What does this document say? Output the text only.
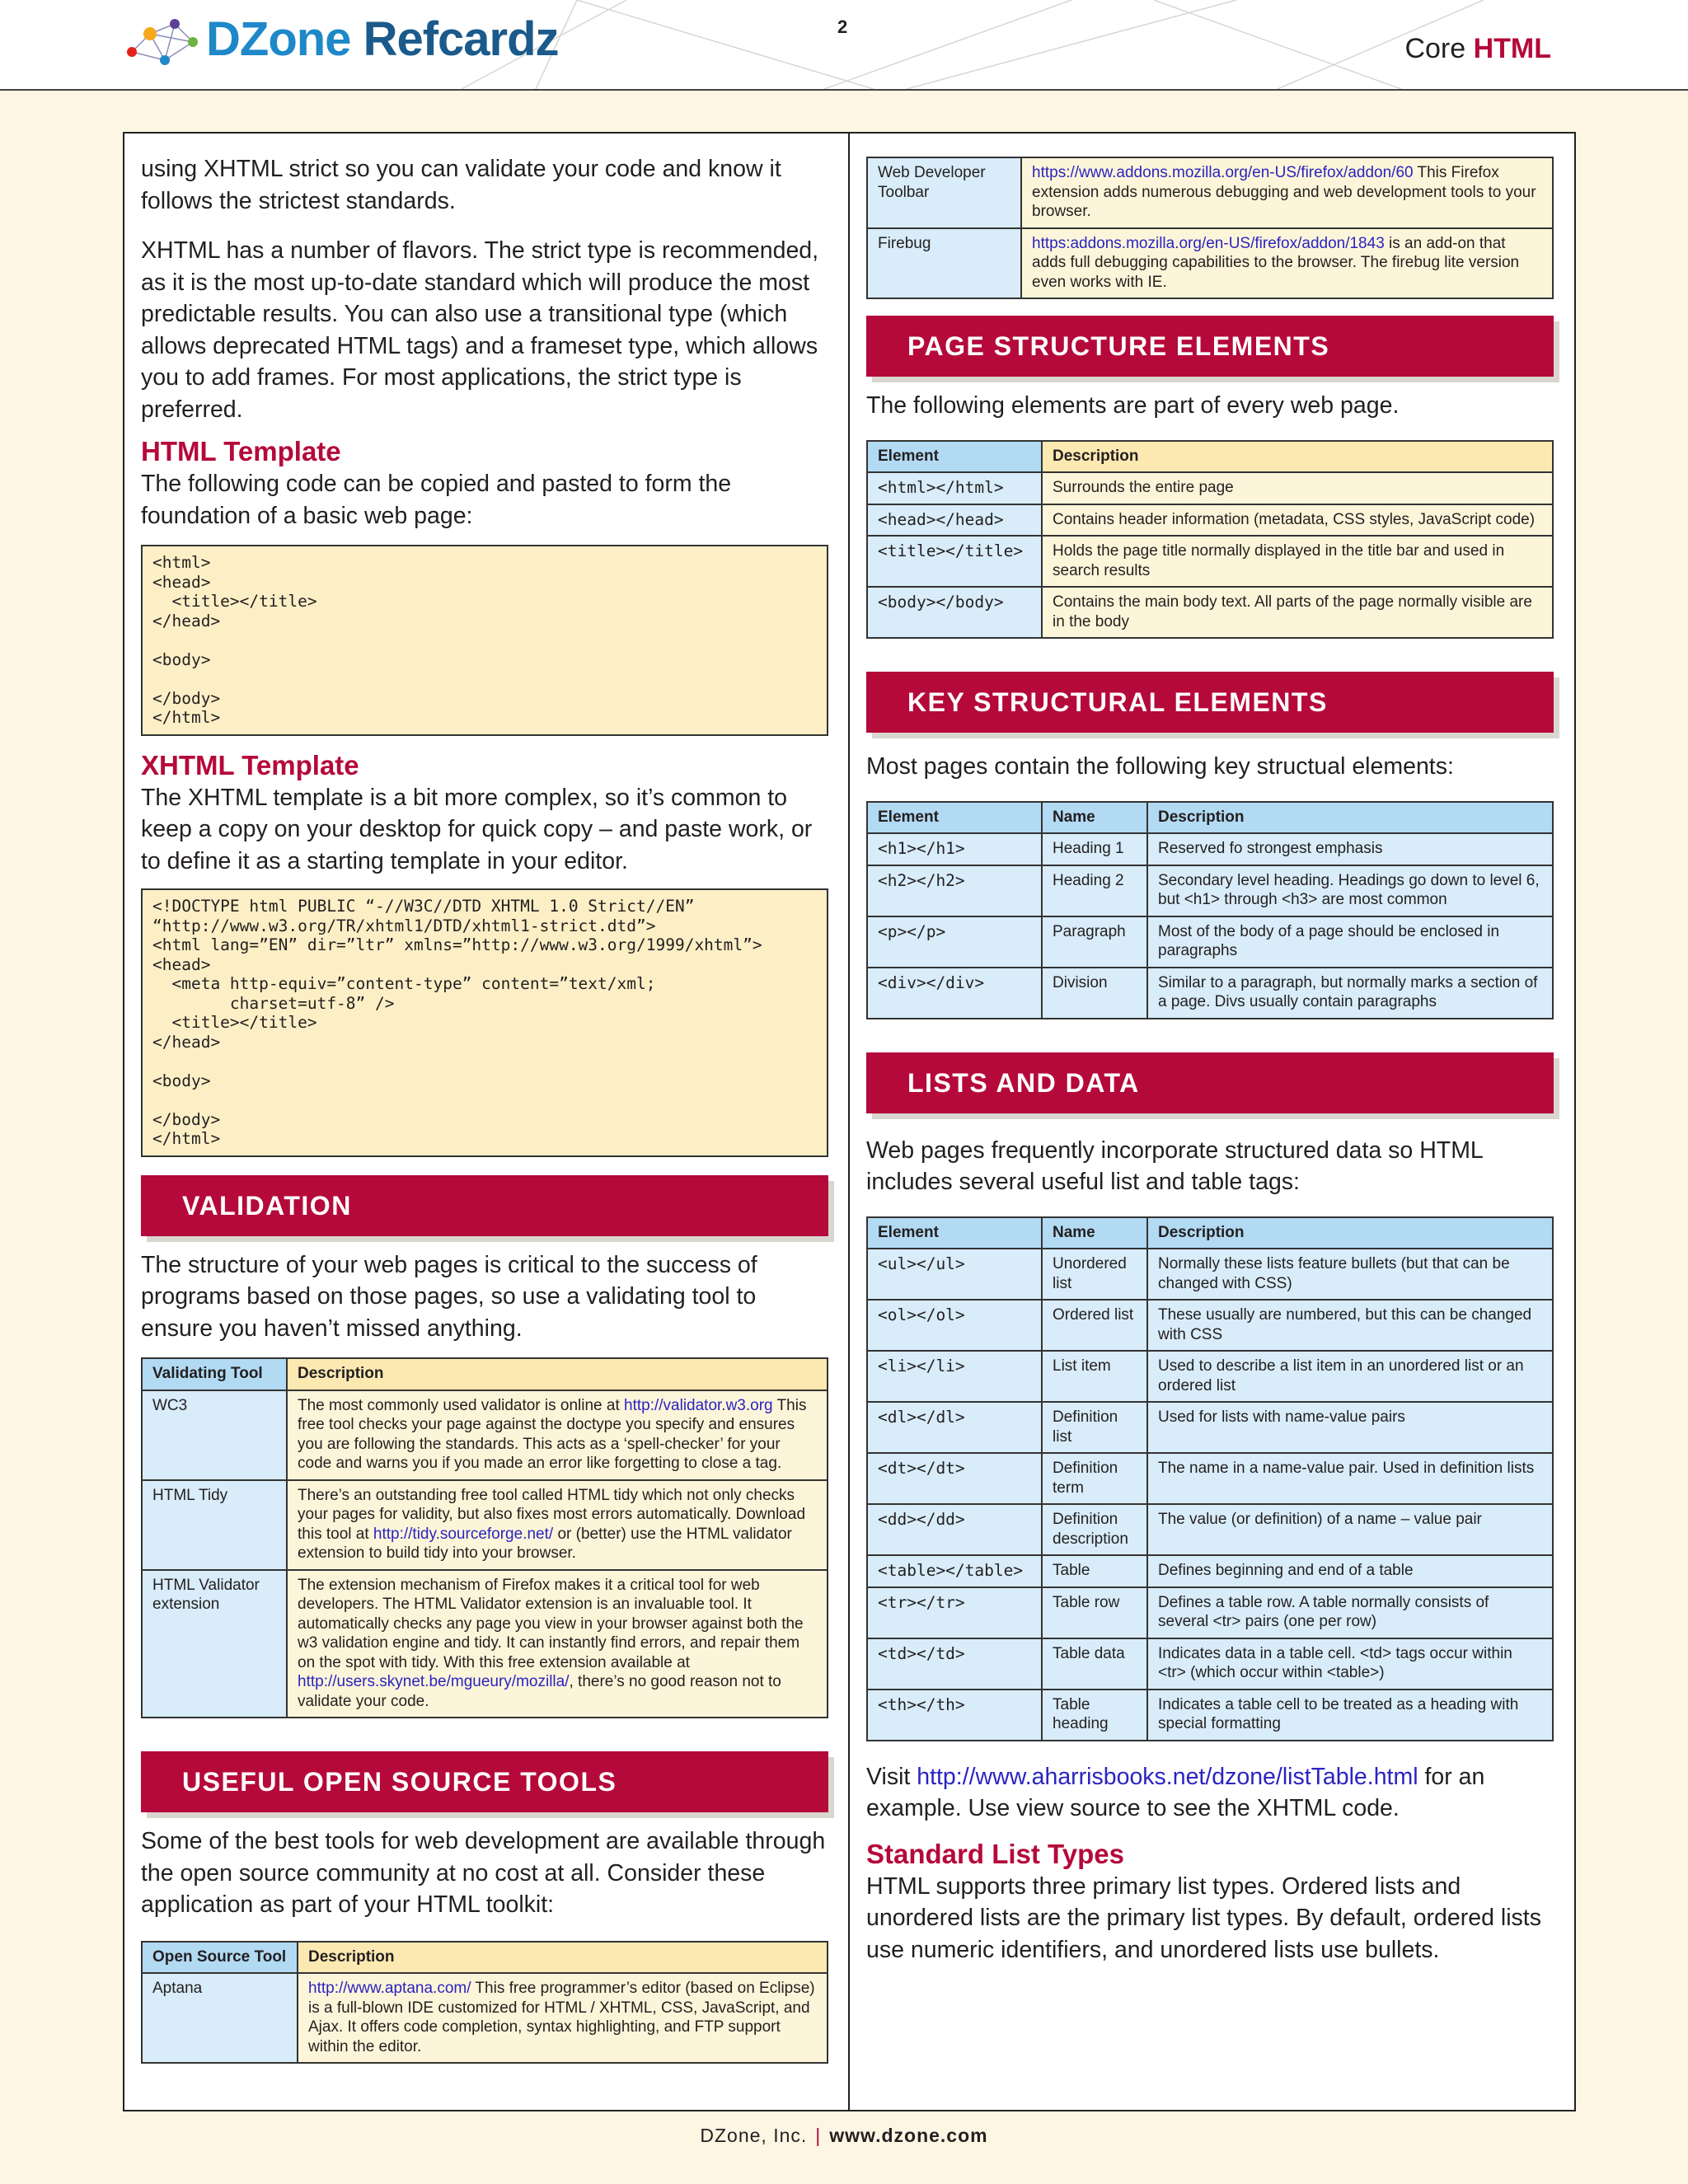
DZone Refcardz	2
Core HTML

using XHTML strict so you can validate your code and know it follows the strictest standards.

XHTML has a number of flavors. The strict type is recommended, as it is the most up-to-date standard which will produce the most predictable results. You can also use a transitional type (which allows deprecated HTML tags) and a frameset type, which allows you to add frames. For most applications, the strict type is preferred.

HTML Template

The following code can be copied and pasted to form the foundation of a basic web page:

<html>
<head>
<title></title>
</head>

<body>

</body>
</html>
XHTML Template

The XHTML template is a bit more complex, so it’s common to keep a copy on your desktop for quick copy – and paste work, or to define it as a starting template in your editor.

<!DOCTYPE html PUBLIC “-//W3C//DTD XHTML 1.0 Strict//EN”
“http://www.w3.org/TR/xhtml1/DTD/xhtml1-strict.dtd”>
<html lang=”EN” dir=”ltr” xmlns=”http://www.w3.org/1999/xhtml”>
<head>
<meta http-equiv=”content-type” content=”text/xml;
charset=utf-8” />
<title></title>
</head>

<body>

</body>
</html>
VALIDATION

The structure of your web pages is critical to the success of programs based on those pages, so use a validating tool to ensure you haven’t missed anything.

Validating Tool	Description
WC3	The most commonly used validator is online at http://validator.w3.org This free tool checks your page against the doctype you specify and ensures you are following the standards. This acts as a ‘spell-checker’ for your code and warns you if you made an error like forgetting to close a tag.
HTML Tidy	There’s an outstanding free tool called HTML tidy which not only checks your pages for validity, but also fixes most errors automatically. Download this tool at http://tidy.sourceforge.net/ or (better) use the HTML validator extension to build tidy into your browser.
HTML Validator extension	The extension mechanism of Firefox makes it a critical tool for web developers. The HTML Validator extension is an invaluable tool. It automatically checks any page you view in your browser against both the w3 validation engine and tidy. It can instantly find errors, and repair them on the spot with tidy. With this free extension available at http://users.skynet.be/mgueury/mozilla/, there’s no good reason not to validate your code.
USEFUL OPEN SOURCE TOOLS

Some of the best tools for web development are available through the open source community at no cost at all. Consider these application as part of your HTML toolkit:

Open Source Tool	Description
Aptana	http://www.aptana.com/ This free programmer’s editor (based on Eclipse) is a full-blown IDE customized for HTML / XHTML, CSS, JavaScript, and Ajax. It offers code completion, syntax highlighting, and FTP support within the editor.
Web Developer Toolbar	https://www.addons.mozilla.org/en-US/firefox/addon/60 This Firefox extension adds numerous debugging and web development tools to your browser.
Firebug	https:addons.mozilla.org/en-US/firefox/addon/1843 is an add-on that adds full debugging capabilities to the browser. The firebug lite version even works with IE.
PAGE STRUCTURE ELEMENTS

The following elements are part of every web page.

Element	Description
<html></html>	Surrounds the entire page
<head></head>	Contains header information (metadata, CSS styles, JavaScript code)
<title></title>	Holds the page title normally displayed in the title bar and used in search results
<body></body>	Contains the main body text. All parts of the page normally visible are in the body
KEY STRUCTURAL ELEMENTS

Most pages contain the following key structual elements:

Element	Name	Description
<h1></h1>	Heading 1	Reserved fo strongest emphasis
<h2></h2>	Heading 2	Secondary level heading. Headings go down to level 6, but <h1> through <h3> are most common
<p></p>	Paragraph	Most of the body of a page should be enclosed in paragraphs
<div></div>	Division	Similar to a paragraph, but normally marks a section of a page. Divs usually contain paragraphs
LISTS AND DATA

Web pages frequently incorporate structured data so HTML includes several useful list and table tags:

Element	Name	Description
<ul></ul>	Unordered list	Normally these lists feature bullets (but that can be changed with CSS)
<ol></ol>	Ordered list	These usually are numbered, but this can be changed with CSS
<li></li>	List item	Used to describe a list item in an unordered list or an ordered list
<dl></dl>	Definition list	Used for lists with name-value pairs
<dt></dt>	Definition term	The name in a name-value pair. Used in definition lists
<dd></dd>	Definition description	The value (or definition) of a name – value pair
<table></table>	Table	Defines beginning and end of a table
<tr></tr>	Table row	Defines a table row. A table normally consists of several <tr> pairs (one per row)
<td></td>	Table data	Indicates data in a table cell. <td> tags occur within <tr> (which occur within <table>)
<th></th>	Table heading	Indicates a table cell to be treated as a heading with special formatting

Visit http://www.aharrisbooks.net/dzone/listTable.html for an example. Use view source to see the XHTML code.

Standard List Types

HTML supports three primary list types. Ordered lists and unordered lists are the primary list types. By default, ordered lists use numeric identifiers, and unordered lists use bullets.

DZone, Inc. | www.dzone.com
